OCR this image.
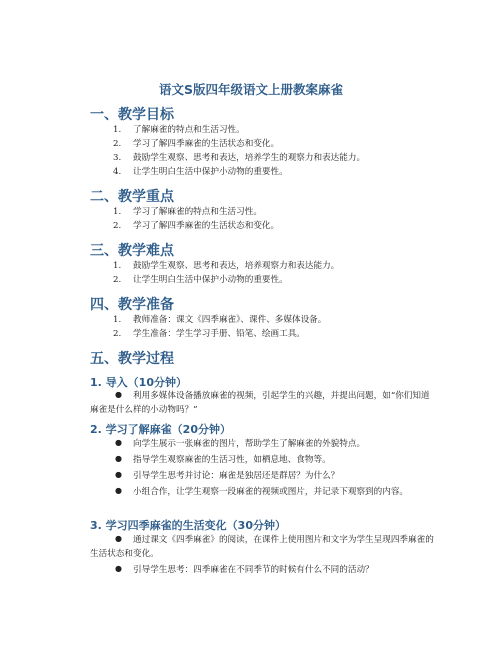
语文S版四年级语文上册教案麻雀
一、教学目标
1.	了解麻雀的特点和生活习性。
2.	学习了解四季麻雀的生活状态和变化。
3.	鼓励学生观察、思考和表达，培养学生的观察力和表达能力。
4.	让学生明白生活中保护小动物的重要性。
二、教学重点
1.	学习了解麻雀的特点和生活习性。
2.	学习了解四季麻雀的生活状态和变化。
三、教学难点
1.	鼓励学生观察、思考和表达，培养观察力和表达能力。
2.	让学生明白生活中保护小动物的重要性。
四、教学准备
1.	教师准备：课文《四季麻雀》、课件、多媒体设备。
2.	学生准备：学生学习手册、铅笔、绘画工具。
五、教学过程
1. 导入（10分钟）
●	利用多媒体设备播放麻雀的视频，引起学生的兴趣，并提出问题，如“你们知道麻雀是什么样的小动物吗？”
2. 学习了解麻雀（20分钟）
●	向学生展示一张麻雀的图片，帮助学生了解麻雀的外貌特点。
●	指导学生观察麻雀的生活习性，如栖息地、食物等。
●	引导学生思考并讨论：麻雀是独居还是群居？为什么？
●	小组合作，让学生观察一段麻雀的视频或图片，并记录下观察到的内容。
3. 学习四季麻雀的生活变化（30分钟）
●	通过课文《四季麻雀》的阅读，在课件上使用图片和文字为学生呈现四季麻雀的生活状态和变化。
●	引导学生思考：四季麻雀在不同季节的时候有什么不同的活动？
